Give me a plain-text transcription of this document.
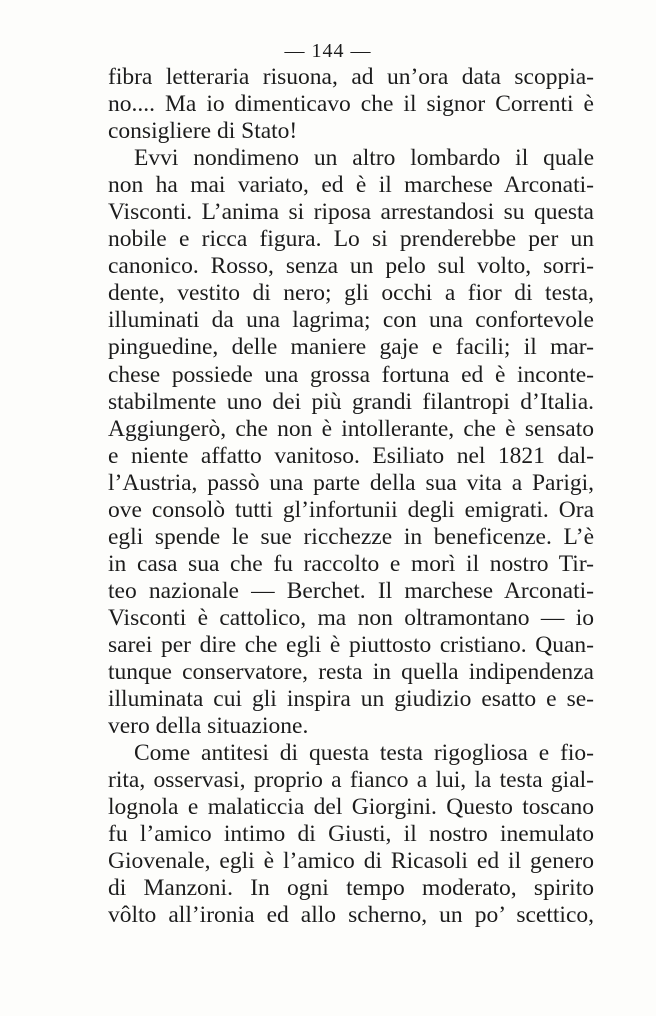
— 144 —
fibra letteraria risuona, ad un’ora data scoppia-
no.... Ma io dimenticavo che il signor Correnti è
consigliere di Stato!
Evvi nondimeno un altro lombardo il quale
non ha mai variato, ed è il marchese Arconati-
Visconti. L’anima si riposa arrestandosi su questa
nobile e ricca figura. Lo si prenderebbe per un
canonico. Rosso, senza un pelo sul volto, sorri-
dente, vestito di nero; gli occhi a fior di testa,
illuminati da una lagrima; con una confortevole
pinguedine, delle maniere gaje e facili; il mar-
chese possiede una grossa fortuna ed è inconte-
stabilmente uno dei più grandi filantropi d’Italia.
Aggiungerò, che non è intollerante, che è sensato
e niente affatto vanitoso. Esiliato nel 1821 dal-
l’Austria, passò una parte della sua vita a Parigi,
ove consolò tutti gl’infortunii degli emigrati. Ora
egli spende le sue ricchezze in beneficenze. L’è
in casa sua che fu raccolto e morì il nostro Tir-
teo nazionale — Berchet. Il marchese Arconati-
Visconti è cattolico, ma non oltramontano — io
sarei per dire che egli è piuttosto cristiano. Quan-
tunque conservatore, resta in quella indipendenza
illuminata cui gli inspira un giudizio esatto e se-
vero della situazione.
Come antitesi di questa testa rigogliosa e fio-
rita, osservasi, proprio a fianco a lui, la testa gial-
lognola e malaticcia del Giorgini. Questo toscano
fu l’amico intimo di Giusti, il nostro inemulato
Giovenale, egli è l’amico di Ricasoli ed il genero
di Manzoni. In ogni tempo moderato, spirito
vôlto all’ironia ed allo scherno, un po’ scettico,
